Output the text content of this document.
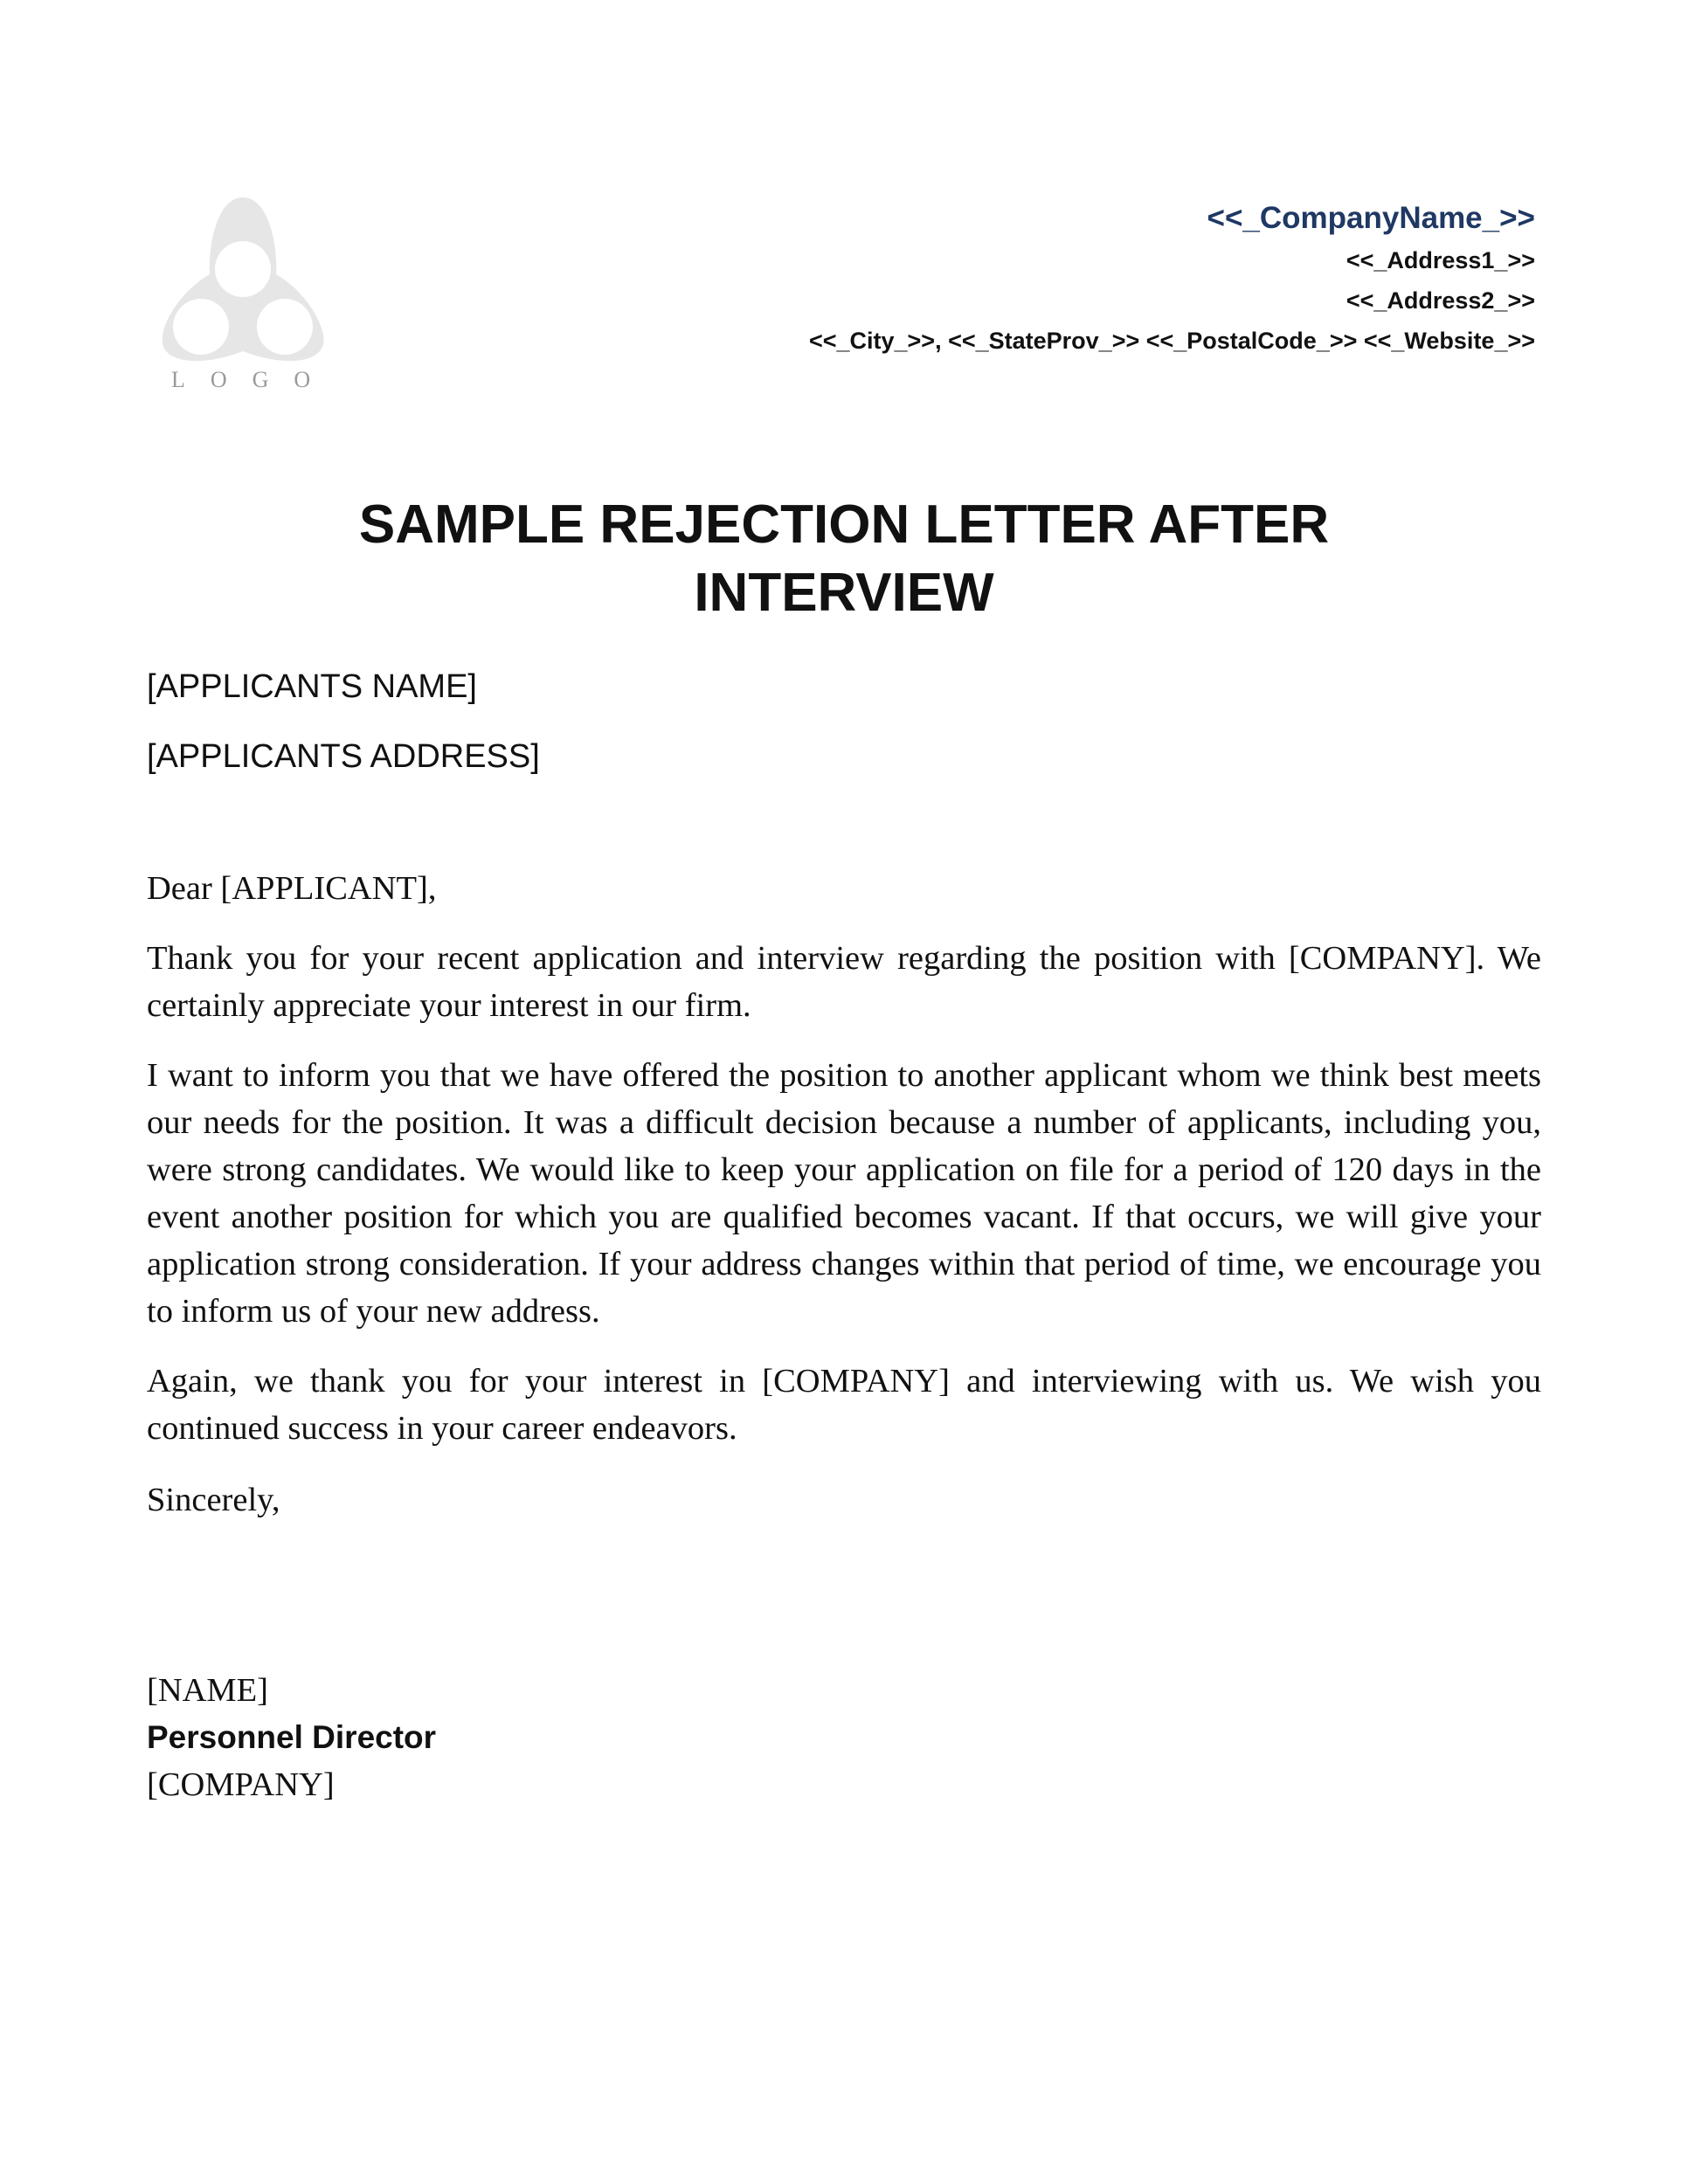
LOGO
<<_CompanyName_>>
<<_Address1_>>
<<_Address2_>>
<<_City_>>, <<_StateProv_>> <<_PostalCode_>> <<_Website_>>
SAMPLE REJECTION LETTER AFTER
INTERVIEW
[APPLICANTS NAME]
[APPLICANTS ADDRESS]
Dear [APPLICANT],

Thank you for your recent application and interview regarding the position with [COMPANY]. We certainly appreciate your interest in our firm.

I want to inform you that we have offered the position to another applicant whom we think best meets our needs for the position. It was a difficult decision because a number of applicants, including you, were strong candidates. We would like to keep your application on file for a period of 120 days in the event another position for which you are qualified becomes vacant. If that occurs, we will give your application strong consideration. If your address changes within that period of time, we encourage you to inform us of your new address.

Again, we thank you for your interest in [COMPANY] and interviewing with us. We wish you continued success in your career endeavors.

Sincerely,
[NAME]
Personnel Director
[COMPANY]
